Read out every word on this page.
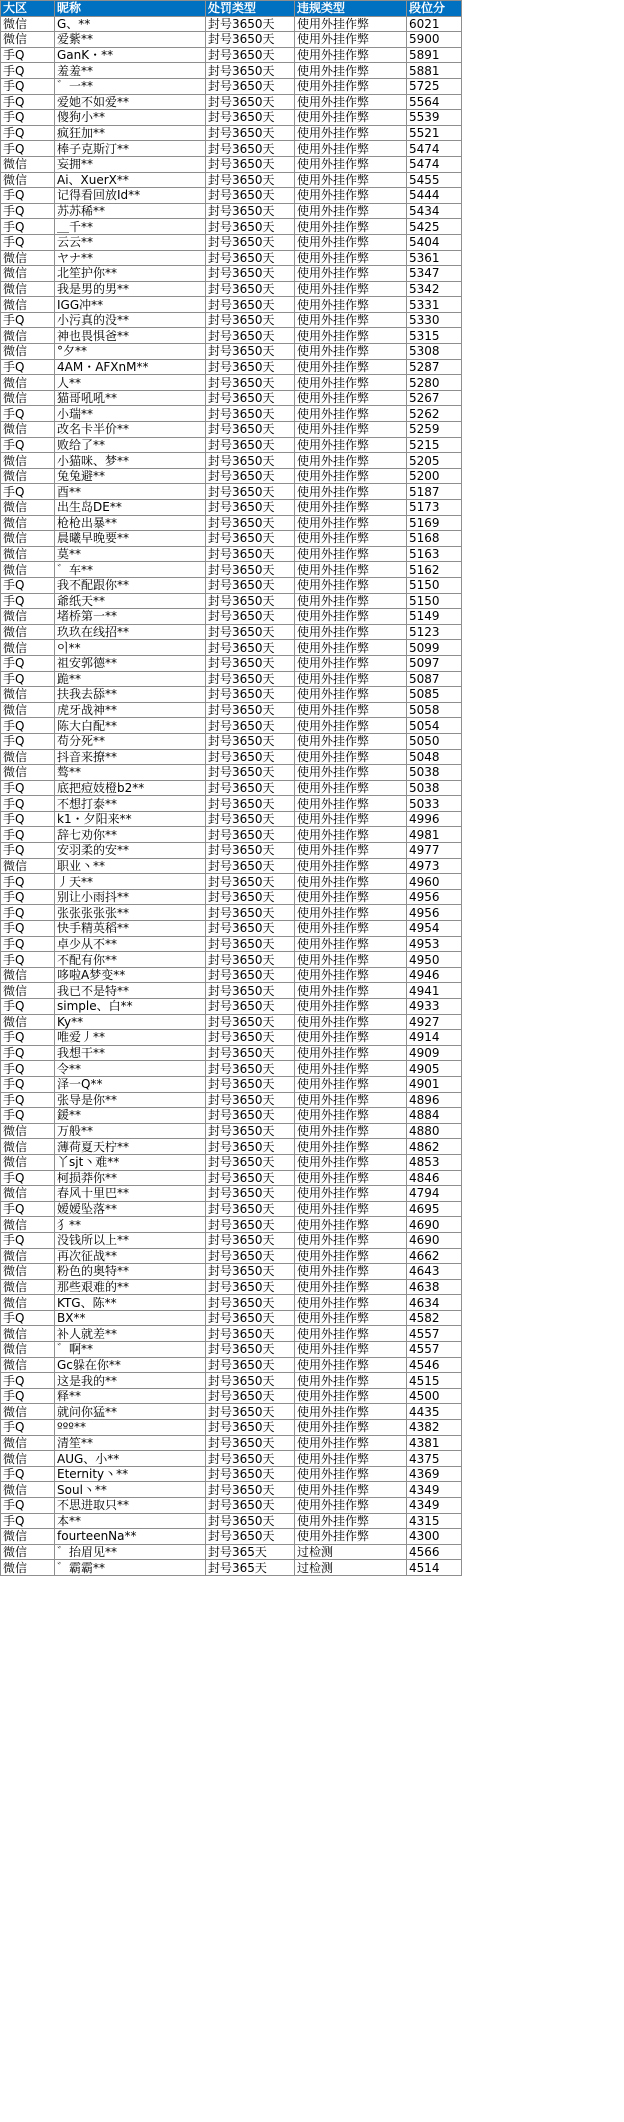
大区	昵称	处罚类型	违规类型	段位分
微信	G、**	封号3650天	使用外挂作弊	6021
微信	爱紫**	封号3650天	使用外挂作弊	5900
手Q	GanK・**	封号3650天	使用外挂作弊	5891
手Q	羞羞**	封号3650天	使用外挂作弊	5881
手Q	゛一**	封号3650天	使用外挂作弊	5725
手Q	爱她不如爱**	封号3650天	使用外挂作弊	5564
手Q	傻狗小**	封号3650天	使用外挂作弊	5539
手Q	疯狂加**	封号3650天	使用外挂作弊	5521
手Q	棒子克斯汀**	封号3650天	使用外挂作弊	5474
微信	妄拥**	封号3650天	使用外挂作弊	5474
微信	Ai、XuerX**	封号3650天	使用外挂作弊	5455
手Q	记得看回放Id**	封号3650天	使用外挂作弊	5444
手Q	苏苏稀**	封号3650天	使用外挂作弊	5434
手Q	＿千**	封号3650天	使用外挂作弊	5425
手Q	云云**	封号3650天	使用外挂作弊	5404
微信	ヤナ**	封号3650天	使用外挂作弊	5361
微信	北笙护你**	封号3650天	使用外挂作弊	5347
微信	我是男的男**	封号3650天	使用外挂作弊	5342
微信	IGG冲**	封号3650天	使用外挂作弊	5331
手Q	小污真的没**	封号3650天	使用外挂作弊	5330
微信	神也畏惧爸**	封号3650天	使用外挂作弊	5315
微信	°夕**	封号3650天	使用外挂作弊	5308
手Q	4AM・AFXnM**	封号3650天	使用外挂作弊	5287
微信	人**	封号3650天	使用外挂作弊	5280
微信	猫哥吼吼**	封号3650天	使用外挂作弊	5267
手Q	小瑞**	封号3650天	使用外挂作弊	5262
微信	改名卡半价**	封号3650天	使用外挂作弊	5259
手Q	败给了**	封号3650天	使用外挂作弊	5215
微信	小猫咪、梦**	封号3650天	使用外挂作弊	5205
微信	兔兔避**	封号3650天	使用外挂作弊	5200
手Q	酉**	封号3650天	使用外挂作弊	5187
微信	出生岛DE**	封号3650天	使用外挂作弊	5173
微信	枪枪出暴**	封号3650天	使用外挂作弊	5169
微信	晨曦早晚要**	封号3650天	使用外挂作弊	5168
微信	莫**	封号3650天	使用外挂作弊	5163
微信	゛车**	封号3650天	使用外挂作弊	5162
手Q	我不配跟你**	封号3650天	使用外挂作弊	5150
手Q	爺纸天**	封号3650天	使用外挂作弊	5150
微信	堵桥第一**	封号3650天	使用外挂作弊	5149
微信	玖玖在线招**	封号3650天	使用外挂作弊	5123
微信	이**	封号3650天	使用外挂作弊	5099
手Q	祖安郭德**	封号3650天	使用外挂作弊	5097
手Q	跪**	封号3650天	使用外挂作弊	5087
微信	扶我去舔**	封号3650天	使用外挂作弊	5085
微信	虎牙战神**	封号3650天	使用外挂作弊	5058
手Q	陈大白配**	封号3650天	使用外挂作弊	5054
手Q	苟分死**	封号3650天	使用外挂作弊	5050
微信	抖音来撩**	封号3650天	使用外挂作弊	5048
微信	骜**	封号3650天	使用外挂作弊	5038
手Q	底把痘妓橙b2**	封号3650天	使用外挂作弊	5038
手Q	不想打泰**	封号3650天	使用外挂作弊	5033
手Q	k1・夕阳来**	封号3650天	使用外挂作弊	4996
手Q	辞七劝你**	封号3650天	使用外挂作弊	4981
手Q	安羽柔的安**	封号3650天	使用外挂作弊	4977
微信	职业丶**	封号3650天	使用外挂作弊	4973
手Q	丿天**	封号3650天	使用外挂作弊	4960
手Q	别让小雨抖**	封号3650天	使用外挂作弊	4956
手Q	张张张张张**	封号3650天	使用外挂作弊	4956
手Q	快手精英稻**	封号3650天	使用外挂作弊	4954
手Q	卓少从不**	封号3650天	使用外挂作弊	4953
手Q	不配有你**	封号3650天	使用外挂作弊	4950
微信	哆啦A梦变**	封号3650天	使用外挂作弊	4946
微信	我已不是特**	封号3650天	使用外挂作弊	4941
手Q	simple、白**	封号3650天	使用外挂作弊	4933
微信	Ky**	封号3650天	使用外挂作弊	4927
手Q	唯爱丿**	封号3650天	使用外挂作弊	4914
手Q	我想干**	封号3650天	使用外挂作弊	4909
手Q	令**	封号3650天	使用外挂作弊	4905
手Q	泽一Q**	封号3650天	使用外挂作弊	4901
手Q	张导是你**	封号3650天	使用外挂作弊	4896
手Q	鍰**	封号3650天	使用外挂作弊	4884
微信	万般**	封号3650天	使用外挂作弊	4880
微信	薄荷夏天柠**	封号3650天	使用外挂作弊	4862
微信	丫sjt丶难**	封号3650天	使用外挂作弊	4853
手Q	柯损莽你**	封号3650天	使用外挂作弊	4846
微信	春风十里巴**	封号3650天	使用外挂作弊	4794
手Q	嫒嫒坠落**	封号3650天	使用外挂作弊	4695
微信	犭**	封号3650天	使用外挂作弊	4690
手Q	没钱所以上**	封号3650天	使用外挂作弊	4690
微信	再次征战**	封号3650天	使用外挂作弊	4662
微信	粉色的奥特**	封号3650天	使用外挂作弊	4643
微信	那些艰难的**	封号3650天	使用外挂作弊	4638
微信	KTG、陈**	封号3650天	使用外挂作弊	4634
手Q	BX**	封号3650天	使用外挂作弊	4582
微信	补人就差**	封号3650天	使用外挂作弊	4557
微信	゛啊**	封号3650天	使用外挂作弊	4557
微信	Gc躲在你**	封号3650天	使用外挂作弊	4546
手Q	这是我的**	封号3650天	使用外挂作弊	4515
手Q	释**	封号3650天	使用外挂作弊	4500
微信	就问你猛**	封号3650天	使用外挂作弊	4435
手Q	ººº**	封号3650天	使用外挂作弊	4382
微信	清笙**	封号3650天	使用外挂作弊	4381
微信	AUG、小**	封号3650天	使用外挂作弊	4375
手Q	Eternity丶**	封号3650天	使用外挂作弊	4369
微信	Soul丶**	封号3650天	使用外挂作弊	4349
手Q	不思进取只**	封号3650天	使用外挂作弊	4349
手Q	本**	封号3650天	使用外挂作弊	4315
微信	fourteenNa**	封号3650天	使用外挂作弊	4300
微信	゛抬眉见**	封号365天	过检测	4566
微信	゛霸霸**	封号365天	过检测	4514
